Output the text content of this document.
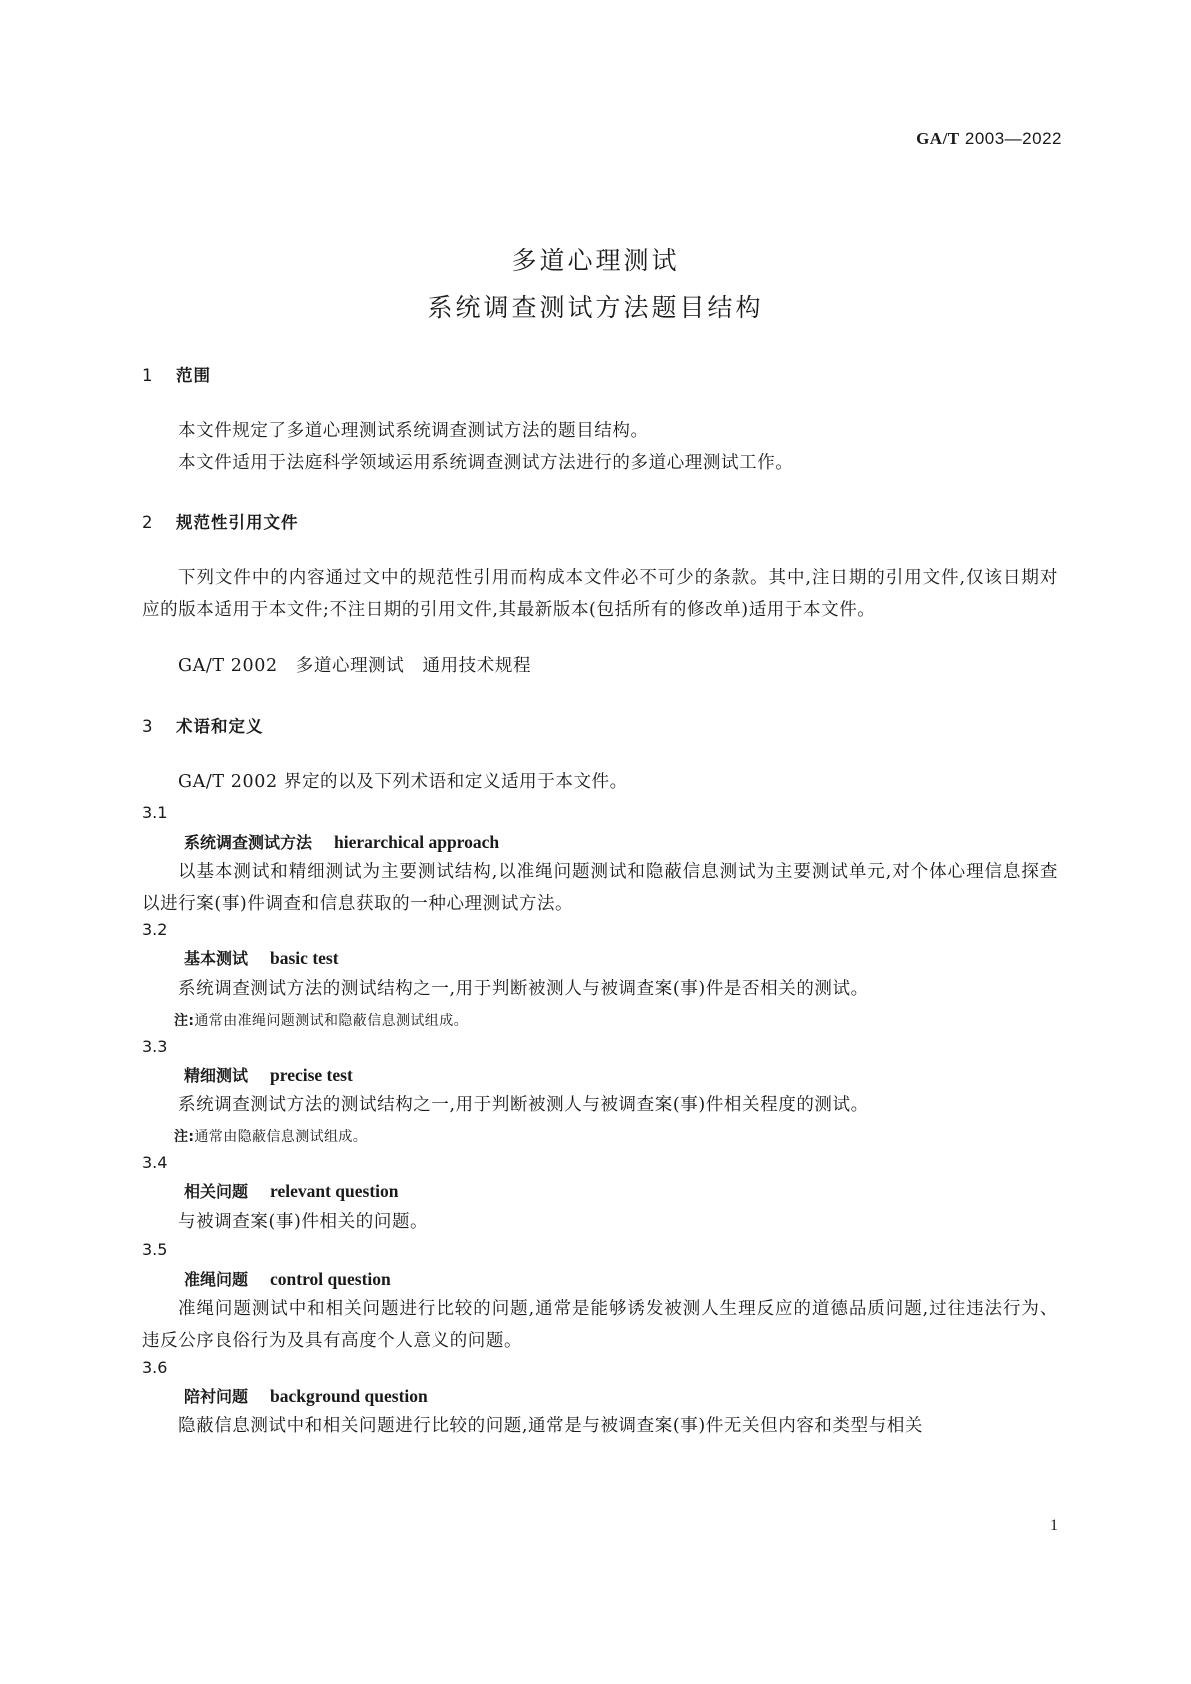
GA/T 2003—2022
多道心理测试
系统调查测试方法题目结构
1 范围
本文件规定了多道心理测试系统调查测试方法的题目结构。
本文件适用于法庭科学领域运用系统调查测试方法进行的多道心理测试工作。
2 规范性引用文件
下列文件中的内容通过文中的规范性引用而构成本文件必不可少的条款。其中,注日期的引用文件,仅该日期对应的版本适用于本文件;不注日期的引用文件,其最新版本(包括所有的修改单)适用于本文件。
GA/T 2002　多道心理测试　通用技术规程
3 术语和定义
GA/T 2002 界定的以及下列术语和定义适用于本文件。
3.1
系统调查测试方法 hierarchical approach
以基本测试和精细测试为主要测试结构,以准绳问题测试和隐蔽信息测试为主要测试单元,对个体心理信息探查以进行案(事)件调查和信息获取的一种心理测试方法。
3.2
基本测试 basic test
系统调查测试方法的测试结构之一,用于判断被测人与被调查案(事)件是否相关的测试。
注:通常由准绳问题测试和隐蔽信息测试组成。
3.3
精细测试 precise test
系统调查测试方法的测试结构之一,用于判断被测人与被调查案(事)件相关程度的测试。
注:通常由隐蔽信息测试组成。
3.4
相关问题 relevant question
与被调查案(事)件相关的问题。
3.5
准绳问题 control question
准绳问题测试中和相关问题进行比较的问题,通常是能够诱发被测人生理反应的道德品质问题,过往违法行为、违反公序良俗行为及具有高度个人意义的问题。
3.6
陪衬问题 background question
隐蔽信息测试中和相关问题进行比较的问题,通常是与被调查案(事)件无关但内容和类型与相关
1
